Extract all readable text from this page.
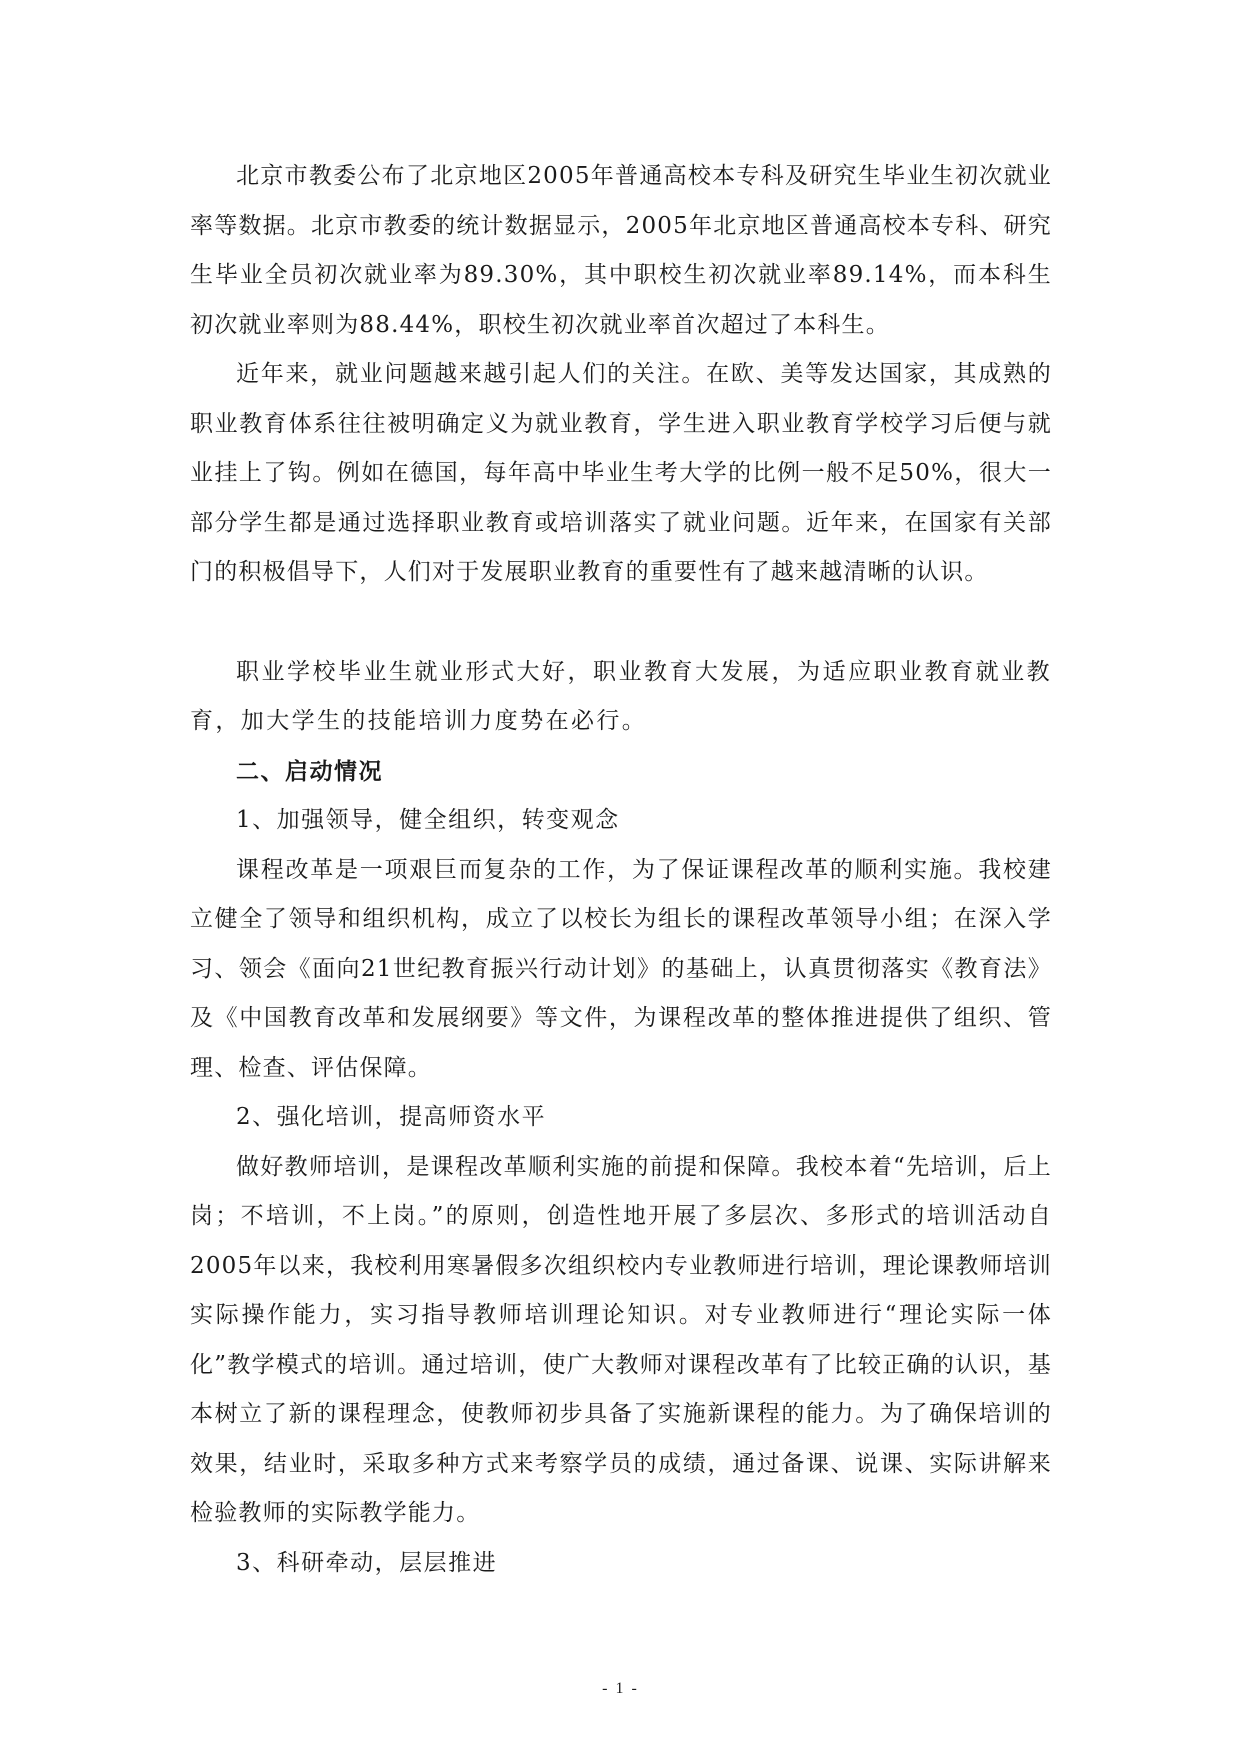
北京市教委公布了北京地区2005年普通高校本专科及研究生毕业生初次就业率等数据。北京市教委的统计数据显示，2005年北京地区普通高校本专科、研究生毕业全员初次就业率为89.30%，其中职校生初次就业率89.14%，而本科生初次就业率则为88.44%，职校生初次就业率首次超过了本科生。

近年来，就业问题越来越引起人们的关注。在欧、美等发达国家，其成熟的职业教育体系往往被明确定义为就业教育，学生进入职业教育学校学习后便与就业挂上了钩。例如在德国，每年高中毕业生考大学的比例一般不足50%，很大一部分学生都是通过选择职业教育或培训落实了就业问题。近年来，在国家有关部门的积极倡导下，人们对于发展职业教育的重要性有了越来越清晰的认识。

职业学校毕业生就业形式大好，职业教育大发展，为适应职业教育就业教育，加大学生的技能培训力度势在必行。

二、启动情况

1、加强领导，健全组织，转变观念

课程改革是一项艰巨而复杂的工作，为了保证课程改革的顺利实施。我校建立健全了领导和组织机构，成立了以校长为组长的课程改革领导小组；在深入学习、领会《面向21世纪教育振兴行动计划》的基础上，认真贯彻落实《教育法》及《中国教育改革和发展纲要》等文件，为课程改革的整体推进提供了组织、管理、检查、评估保障。

2、强化培训，提高师资水平

做好教师培训，是课程改革顺利实施的前提和保障。我校本着“先培训，后上岗；不培训，不上岗。”的原则，创造性地开展了多层次、多形式的培训活动自2005年以来，我校利用寒暑假多次组织校内专业教师进行培训，理论课教师培训实际操作能力，实习指导教师培训理论知识。对专业教师进行“理论实际一体化”教学模式的培训。通过培训，使广大教师对课程改革有了比较正确的认识，基本树立了新的课程理念，使教师初步具备了实施新课程的能力。为了确保培训的效果，结业时，采取多种方式来考察学员的成绩，通过备课、说课、实际讲解来检验教师的实际教学能力。

3、科研牵动，层层推进

- 1 -
